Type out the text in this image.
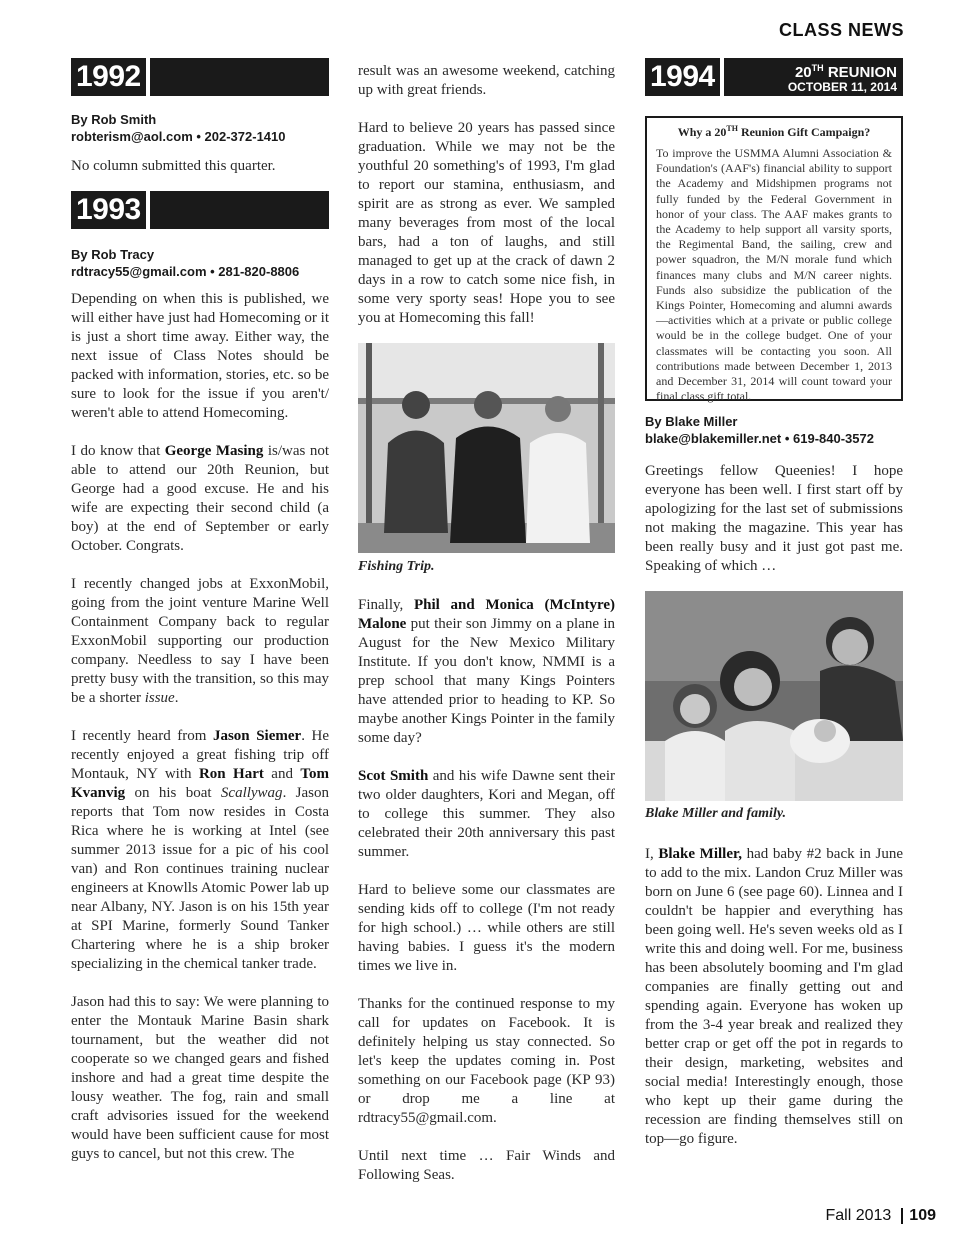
CLASS NEWS
1992
By Rob Smith
robterism@aol.com • 202-372-1410

No column submitted this quarter.

1993
By Rob Tracy
rdtracy55@gmail.com • 281-820-8806

Depending on when this is published, we will either have just had Homecoming or it is just a short time away. Either way, the next issue of Class Notes should be packed with information, stories, etc. so be sure to look for the issue if you aren't/ weren't able to attend Homecoming.

I do know that George Masing is/was not able to attend our 20th Reunion, but George had a good excuse. He and his wife are expecting their second child (a boy) at the end of September or early October. Congrats.

I recently changed jobs at ExxonMobil, going from the joint venture Marine Well Containment Company back to regular ExxonMobil supporting our production company. Needless to say I have been pretty busy with the transition, so this may be a shorter issue.

I recently heard from Jason Siemer. He recently enjoyed a great fishing trip off Montauk, NY with Ron Hart and Tom Kvanvig on his boat Scallywag. Jason reports that Tom now resides in Costa Rica where he is working at Intel (see summer 2013 issue for a pic of his cool van) and Ron continues training nuclear engineers at Knowlls Atomic Power lab up near Albany, NY. Jason is on his 15th year at SPI Marine, formerly Sound Tanker Chartering where he is a ship broker specializing in the chemical tanker trade.

Jason had this to say: We were planning to enter the Montauk Marine Basin shark tournament, but the weather did not cooperate so we changed gears and fished inshore and had a great time despite the lousy weather. The fog, rain and small craft advisories issued for the weekend would have been sufficient cause for most guys to cancel, but not this crew. The

result was an awesome weekend, catching up with great friends.

Hard to believe 20 years has passed since graduation. While we may not be the youthful 20 something's of 1993, I'm glad to report our stamina, enthusiasm, and spirit are as strong as ever. We sampled many beverages from most of the local bars, had a ton of laughs, and still managed to get up at the crack of dawn 2 days in a row to catch some nice fish, in some very sporty seas! Hope you to see you at Homecoming this fall!

Fishing Trip.

Finally, Phil and Monica (McIntyre) Malone put their son Jimmy on a plane in August for the New Mexico Military Institute. If you don't know, NMMI is a prep school that many Kings Pointers have attended prior to heading to KP. So maybe another Kings Pointer in the family some day?

Scot Smith and his wife Dawne sent their two older daughters, Kori and Megan, off to college this summer. They also celebrated their 20th anniversary this past summer.

Hard to believe some our classmates are sending kids off to college (I'm not ready for high school.) … while others are still having babies. I guess it's the modern times we live in.

Thanks for the continued response to my call for updates on Facebook. It is definitely helping us stay connected. So let's keep the updates coming in. Post something on our Facebook page (KP 93) or drop me a line at rdtracy55@gmail.com.

Until next time … Fair Winds and Following Seas.

1994	20TH REUNION
OCTOBER 11, 2014
Why a 20TH Reunion Gift Campaign?
To improve the USMMA Alumni Association & Foundation's (AAF's) financial ability to support the Academy and Midshipmen programs not fully funded by the Federal Government in honor of your class. The AAF makes grants to the Academy to help support all varsity sports, the Regimental Band, the sailing, crew and power squadron, the M/N morale fund which finances many clubs and M/N career nights. Funds also subsidize the publication of the Kings Pointer, Homecoming and alumni awards—activities which at a private or public college would be in the college budget. One of your classmates will be contacting you soon. All contributions made between December 1, 2013 and December 31, 2014 will count toward your final class gift total.
By Blake Miller
blake@blakemiller.net • 619-840-3572

Greetings fellow Queenies! I hope everyone has been well. I first start off by apologizing for the last set of submissions not making the magazine. This year has been really busy and it just got past me. Speaking of which …

Blake Miller and family.

I, Blake Miller, had baby #2 back in June to add to the mix. Landon Cruz Miller was born on June 6 (see page 60). Linnea and I couldn't be happier and everything has been going well. He's seven weeks old as I write this and doing well. For me, business has been absolutely booming and I'm glad companies are finally getting out and spending again. Everyone has woken up from the 3-4 year break and realized they better crap or get off the pot in regards to their design, marketing, websites and social media! Interestingly enough, those who kept up their game during the recession are finding themselves still on top—go figure.

Fall 2013	109
